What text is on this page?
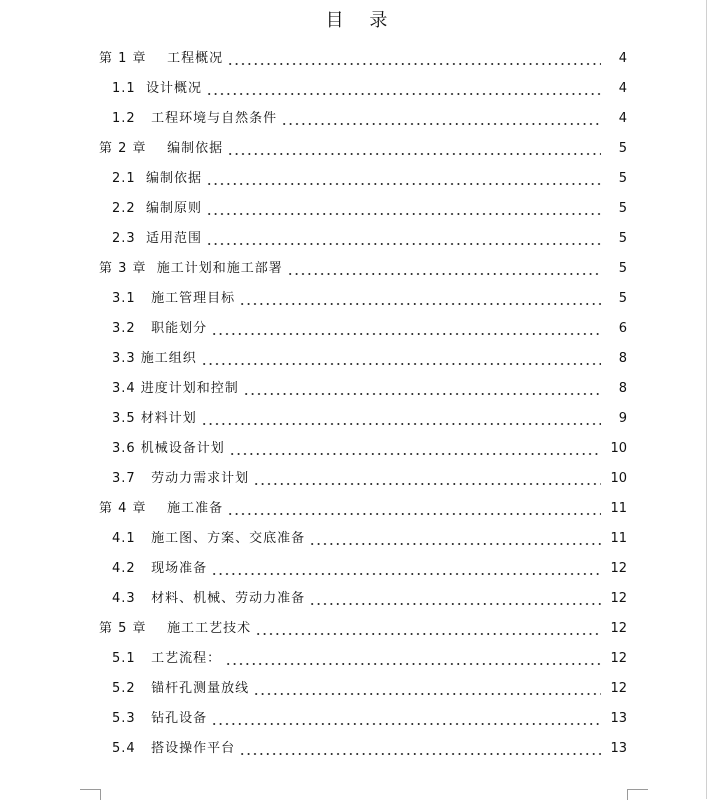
目 录
第 1 章    工程概况	4
1.1  设计概况	4
1.2   工程环境与自然条件	4
第 2 章    编制依据	5
2.1  编制依据	5
2.2  编制原则	5
2.3  适用范围	5
第 3 章  施工计划和施工部署	5
3.1   施工管理目标	5
3.2   职能划分	6
3.3 施工组织	8
3.4 进度计划和控制	8
3.5 材料计划	9
3.6 机械设备计划	10
3.7   劳动力需求计划	10
第 4 章    施工准备	11
4.1   施工图、方案、交底准备	11
4.2   现场准备	12
4.3   材料、机械、劳动力准备	12
第 5 章    施工工艺技术	12
5.1   工艺流程：	12
5.2   锚杆孔测量放线	12
5.3   钻孔设备	13
5.4   搭设操作平台	13
